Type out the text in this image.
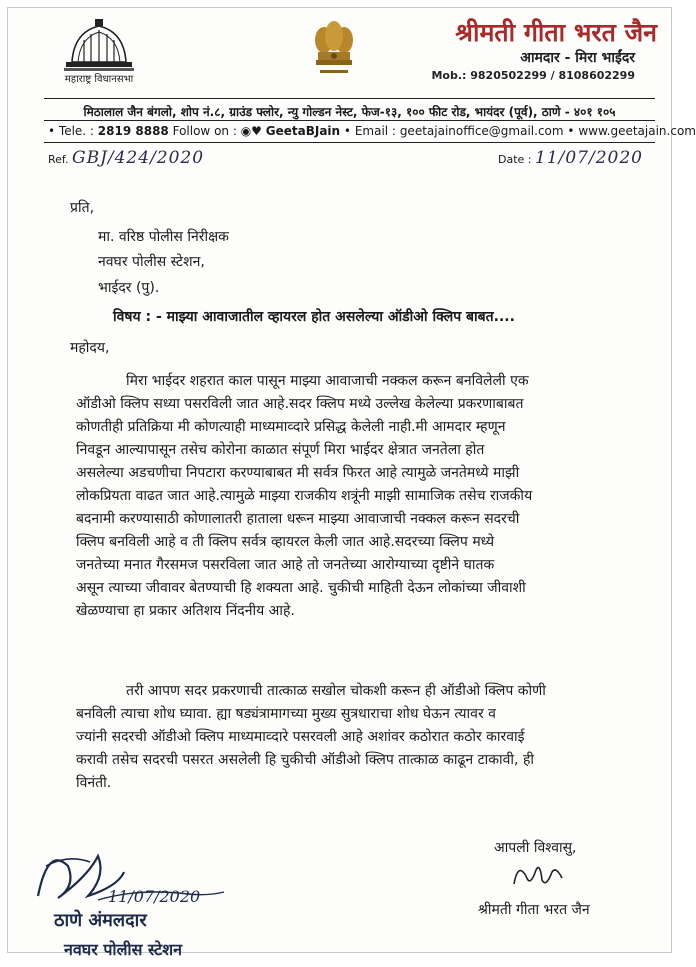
महाराष्ट्र विधानसभा
श्रीमती गीता भरत जैन
आमदार - मिरा भाईंदर
Mob.: 9820502299 / 8108602299
मिठालाल जैन बंगलो, शोप नं.८, ग्राउंड फ्लोर, न्यु गोल्डन नेस्ट, फेज-१३, १०० फीट रोड, भायंदर (पूर्व), ठाणे - ४०१ १०५
• Tele. : 2819 8888 Follow on : ◉♥ GeetaBJain • Email : geetajainoffice@gmail.com • www.geetajain.com
Ref. GBJ/424/2020	Date : 11/07/2020
प्रति,
मा. वरिष्ठ पोलीस निरीक्षक
नवघर पोलीस स्टेशन,
भाईदर (पु).
विषय : - माझ्या आवाजातील व्हायरल होत असलेल्या ऑडीओ क्लिप बाबत....
महोदय,
मिरा भाईदर शहरात काल पासून माझ्या आवाजाची नक्कल करून बनविलेली एक
ऑडीओ क्लिप सध्या पसरविली जात आहे.सदर क्लिप मध्ये उल्लेख केलेल्या प्रकरणाबाबत
कोणतीही प्रतिक्रिया मी कोणत्याही माध्यमाव्दारे प्रसिद्ध केलेली नाही.मी आमदार म्हणून
निवडून आल्यापासून तसेच कोरोना काळात संपूर्ण मिरा भाईदर क्षेत्रात जनतेला होत
असलेल्या अडचणीचा निपटारा करण्याबाबत मी सर्वत्र फिरत आहे त्यामुळे जनतेमध्ये माझी
लोकप्रियता वाढत जात आहे.त्यामुळे माझ्या राजकीय शत्रूंनी माझी सामाजिक तसेच राजकीय
बदनामी करण्यासाठी कोणालातरी हाताला धरून माझ्या आवाजाची नक्कल करून सदरची
क्लिप बनविली आहे व ती क्लिप सर्वत्र व्हायरल केली जात आहे.सदरच्या क्लिप मध्ये
जनतेच्या मनात गैरसमज पसरविला जात आहे तो जनतेच्या आरोग्याच्या दृष्टीने घातक
असून त्याच्या जीवावर बेतण्याची हि शक्यता आहे. चुकीची माहिती देऊन लोकांच्या जीवाशी
खेळण्याचा हा प्रकार अतिशय निंदनीय आहे.
तरी आपण सदर प्रकरणाची तात्काळ सखोल चोकशी करून ही ऑडीओ क्लिप कोणी
बनविली त्याचा शोध घ्यावा. ह्या षड्यंत्रामागच्या मुख्य सुत्रधाराचा शोध घेऊन त्यावर व
ज्यांनी सदरची ऑडीओ क्लिप माध्यमाव्दारे पसरवली आहे अशांवर कठोरात कठोर कारवाई
करावी तसेच सदरची पसरत असलेली हि चुकीची ऑडीओ क्लिप तात्काळ काढून टाकावी, ही
विनंती.
आपली विश्वासु,
श्रीमती गीता भरत जैन
11/07/2020
ठाणे अंमलदार
नवघर पोलीस स्टेशन
